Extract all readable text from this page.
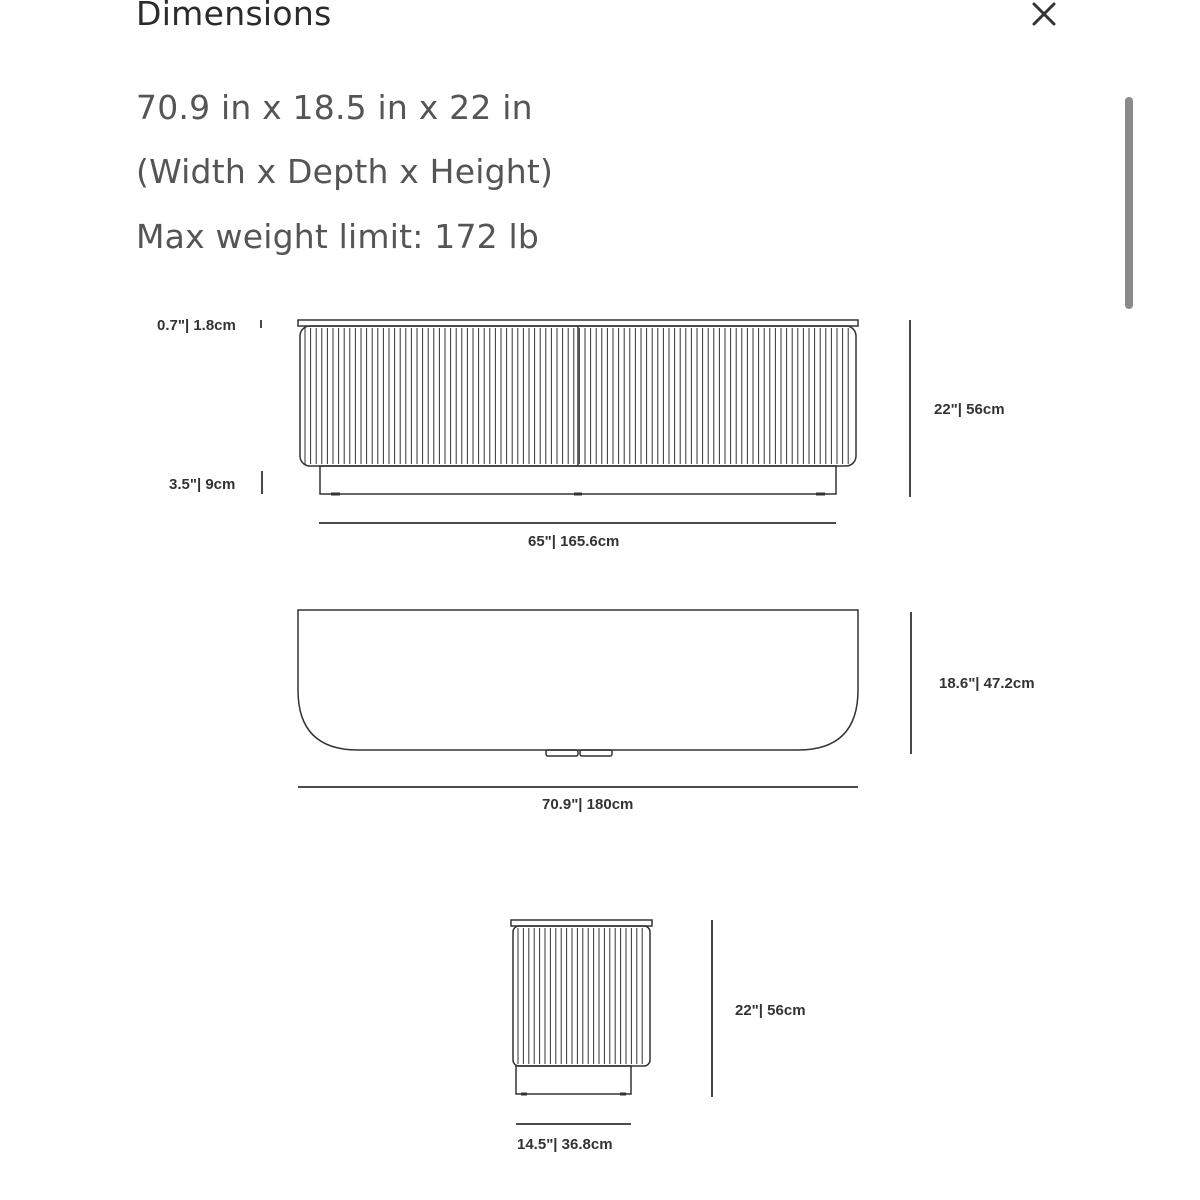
Dimensions
70.9 in x 18.5 in x 22 in
(Width x Depth x Height)
Max weight limit: 172 lb
0.7"| 1.8cm
3.5"| 9cm
22"| 56cm
65"| 165.6cm
18.6"| 47.2cm
70.9"| 180cm
22"| 56cm
14.5"| 36.8cm
